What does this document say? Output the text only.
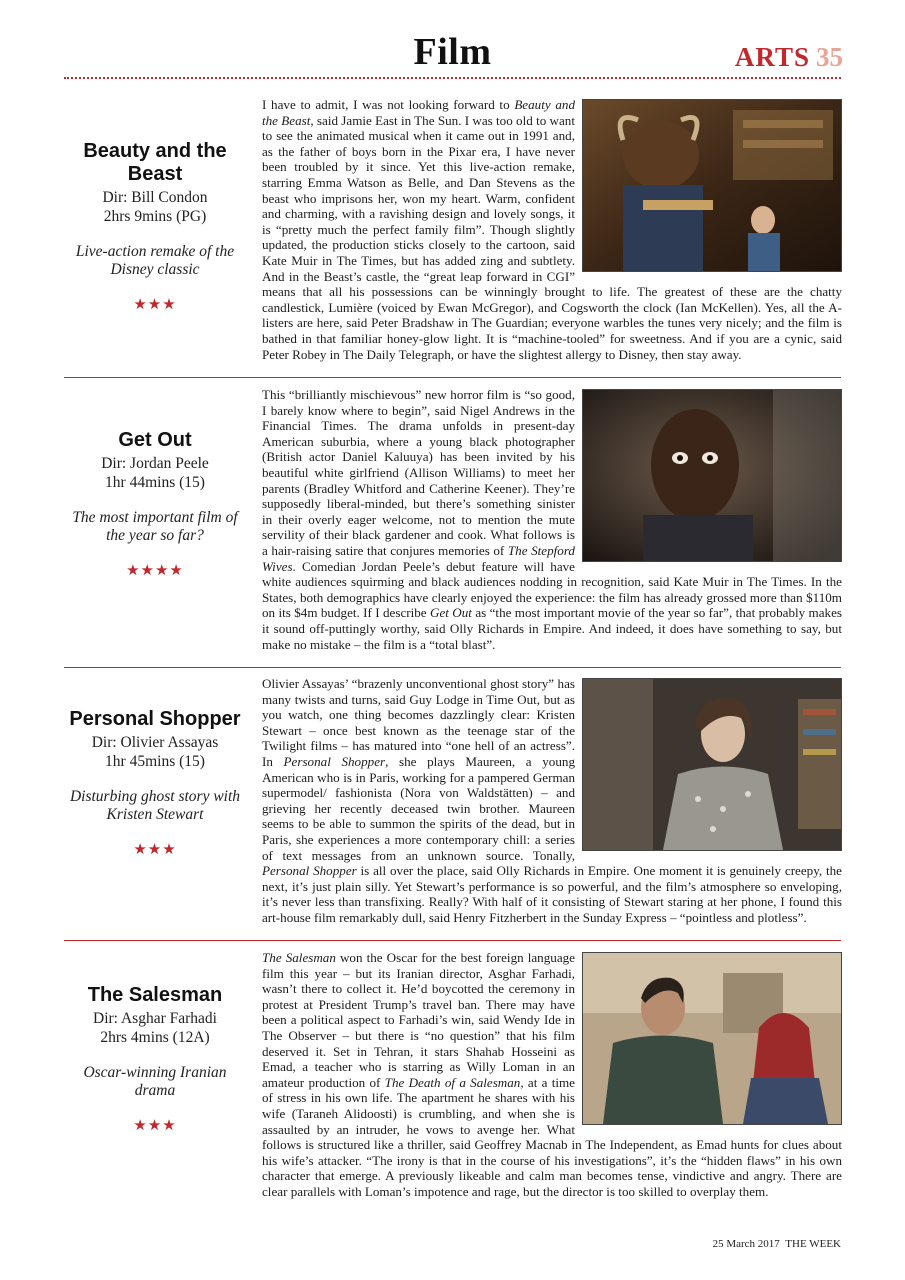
Film	ARTS 35
Beauty and the Beast
Dir: Bill Condon
2hrs 9mins (PG)
Live-action remake of the Disney classic
★★★

I have to admit, I was not looking forward to Beauty and the Beast, said Jamie East in The Sun. I was too old to want to see the animated musical when it came out in 1991 and, as the father of boys born in the Pixar era, I have never been troubled by it since. Yet this live-action remake, starring Emma Watson as Belle, and Dan Stevens as the beast who imprisons her, won my heart. Warm, confident and charming, with a ravishing design and lovely songs, it is “pretty much the perfect family film”. Though slightly updated, the production sticks closely to the cartoon, said Kate Muir in The Times, but has added zing and subtlety. And in the Beast’s castle, the “great leap forward in CGI” means that all his possessions can be winningly brought to life. The greatest of these are the chatty candlestick, Lumière (voiced by Ewan McGregor), and Cogsworth the clock (Ian McKellen). Yes, all the A-listers are here, said Peter Bradshaw in The Guardian; everyone warbles the tunes very nicely; and the film is bathed in that familiar honey-glow light. It is “machine-tooled” for sweetness. And if you are a cynic, said Peter Robey in The Daily Telegraph, or have the slightest allergy to Disney, then stay away.

Get Out
Dir: Jordan Peele
1hr 44mins (15)
The most important film of the year so far?
★★★★

This “brilliantly mischievous” new horror film is “so good, I barely know where to begin”, said Nigel Andrews in the Financial Times. The drama unfolds in present-day American suburbia, where a young black photographer (British actor Daniel Kaluuya) has been invited by his beautiful white girlfriend (Allison Williams) to meet her parents (Bradley Whitford and Catherine Keener). They’re supposedly liberal-minded, but there’s something sinister in their overly eager welcome, not to mention the mute servility of their black gardener and cook. What follows is a hair-raising satire that conjures memories of The Stepford Wives. Comedian Jordan Peele’s debut feature will have white audiences squirming and black audiences nodding in recognition, said Kate Muir in The Times. In the States, both demographics have clearly enjoyed the experience: the film has already grossed more than $110m on its $4m budget. If I describe Get Out as “the most important movie of the year so far”, that probably makes it sound off-puttingly worthy, said Olly Richards in Empire. And indeed, it does have something to say, but make no mistake – the film is a “total blast”.

Personal Shopper
Dir: Olivier Assayas
1hr 45mins (15)
Disturbing ghost story with Kristen Stewart
★★★

Olivier Assayas’ “brazenly unconventional ghost story” has many twists and turns, said Guy Lodge in Time Out, but as you watch, one thing becomes dazzlingly clear: Kristen Stewart – once best known as the teenage star of the Twilight films – has matured into “one hell of an actress”. In Personal Shopper, she plays Maureen, a young American who is in Paris, working for a pampered German supermodel/ fashionista (Nora von Waldstätten) – and grieving her recently deceased twin brother. Maureen seems to be able to summon the spirits of the dead, but in Paris, she experiences a more contemporary chill: a series of text messages from an unknown source. Tonally, Personal Shopper is all over the place, said Olly Richards in Empire. One moment it is genuinely creepy, the next, it’s just plain silly. Yet Stewart’s performance is so powerful, and the film’s atmosphere so enveloping, it’s never less than transfixing. Really? With half of it consisting of Stewart staring at her phone, I found this art-house film remarkably dull, said Henry Fitzherbert in the Sunday Express – “pointless and plotless”.

The Salesman
Dir: Asghar Farhadi
2hrs 4mins (12A)
Oscar-winning Iranian drama
★★★

The Salesman won the Oscar for the best foreign language film this year – but its Iranian director, Asghar Farhadi, wasn’t there to collect it. He’d boycotted the ceremony in protest at President Trump’s travel ban. There may have been a political aspect to Farhadi’s win, said Wendy Ide in The Observer – but there is “no question” that his film deserved it. Set in Tehran, it stars Shahab Hosseini as Emad, a teacher who is starring as Willy Loman in an amateur production of The Death of a Salesman, at a time of stress in his own life. The apartment he shares with his wife (Taraneh Alidoosti) is crumbling, and when she is assaulted by an intruder, he vows to avenge her. What follows is structured like a thriller, said Geoffrey Macnab in The Independent, as Emad hunts for clues about his wife’s attacker. “The irony is that in the course of his investigations”, it’s the “hidden flaws” in his own character that emerge. A previously likeable and calm man becomes tense, vindictive and angry. There are clear parallels with Loman’s impotence and rage, but the director is too skilled to overplay them.

25 March 2017 THE WEEK
